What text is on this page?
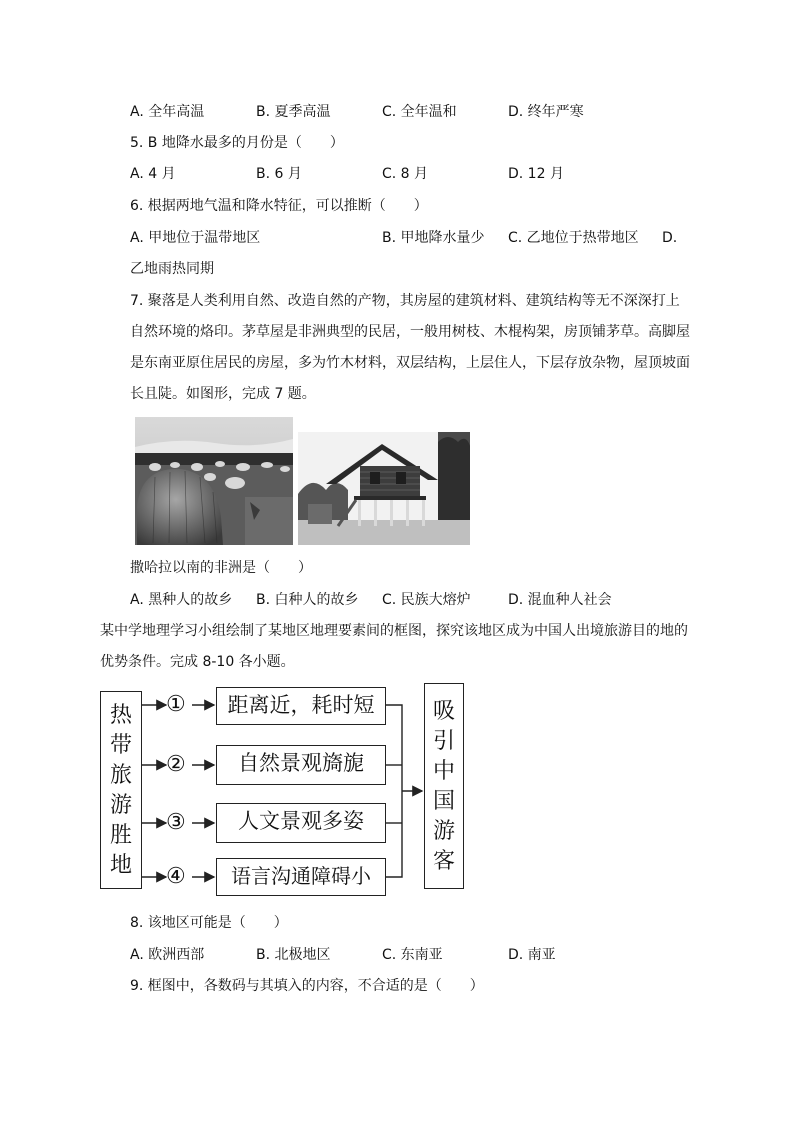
A. 全年高温	B. 夏季高温	C. 全年温和	D. 终年严寒
5. B 地降水最多的月份是（　　）
A. 4 月	B. 6 月	C. 8 月	D. 12 月
6. 根据两地气温和降水特征，可以推断（　　）
A. 甲地位于温带地区	B. 甲地降水量少 C. 乙地位于热带地区 D.
乙地雨热同期
7. 聚落是人类利用自然、改造自然的产物，其房屋的建筑材料、建筑结构等无不深深打上
自然环境的烙印。茅草屋是非洲典型的民居，一般用树枝、木棍构架，房顶铺茅草。高脚屋
是东南亚原住居民的房屋，多为竹木材料，双层结构，上层住人，下层存放杂物，屋顶坡面
长且陡。如图形，完成 7 题。
撒哈拉以南的非洲是（　　）
A. 黑种人的故乡 B. 白种人的故乡 C. 民族大熔炉	D. 混血种人社会
某中学地理学习小组绘制了某地区地理要素间的框图，探究该地区成为中国人出境旅游目的地的
优势条件。完成 8-10 各小题。
热
带
旅
游
胜
地
①
②
③
④
距离近，耗时短
自然景观旖旎
人文景观多姿
语言沟通障碍小
吸
引
中
国
游
客
8. 该地区可能是（　　）
A. 欧洲西部	B. 北极地区	C. 东南亚	D. 南亚
9. 框图中，各数码与其填入的内容，不合适的是（　　）
